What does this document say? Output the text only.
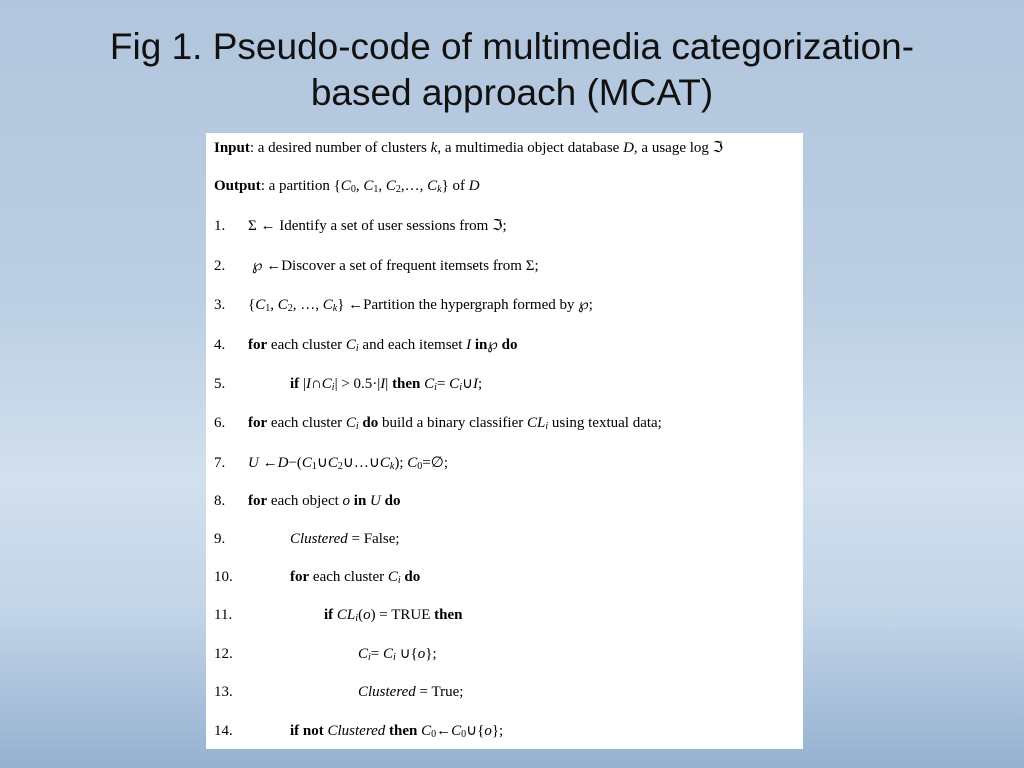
Fig 1. Pseudo-code of multimedia categorization-
based approach (MCAT)
Input: a desired number of clusters k, a multimedia object database D, a usage log ℑ
Output: a partition {$C_0$, $C_1$, $C_2,\dots$, $C_k$} of D
1. Σ ← Identify a set of user sessions from ℑ;
2. ℘ ←Discover a set of frequent itemsets from Σ;
3. {$C_1$, $C_2$, …, $C_k$} ←Partition the hypergraph formed by ℘;
4. for each cluster $C_i$ and each itemset I in℘ do
5.	if $|I\cap C_i| > 0.5\cdot|I|$ then $C_i=$ $C_i\cup I$;
6. for each cluster $C_i$ do build a binary classifier $CL_i$ using textual data;
7. U $\leftarrow D-(C_1\cup C_2\cup\dots\cup C_k)$; $C_0=\emptyset$;
8. for each object o in U do
9.	Clustered = False;
10.	for each cluster $C_i$ do
11.	if $CL_i(o)$ = TRUE then
12.	$C_i= C_i$ ∪{o};
13.	Clustered = True;
14.	if not Clustered then $C_0\leftarrow C_0\cup\{o\}$;
